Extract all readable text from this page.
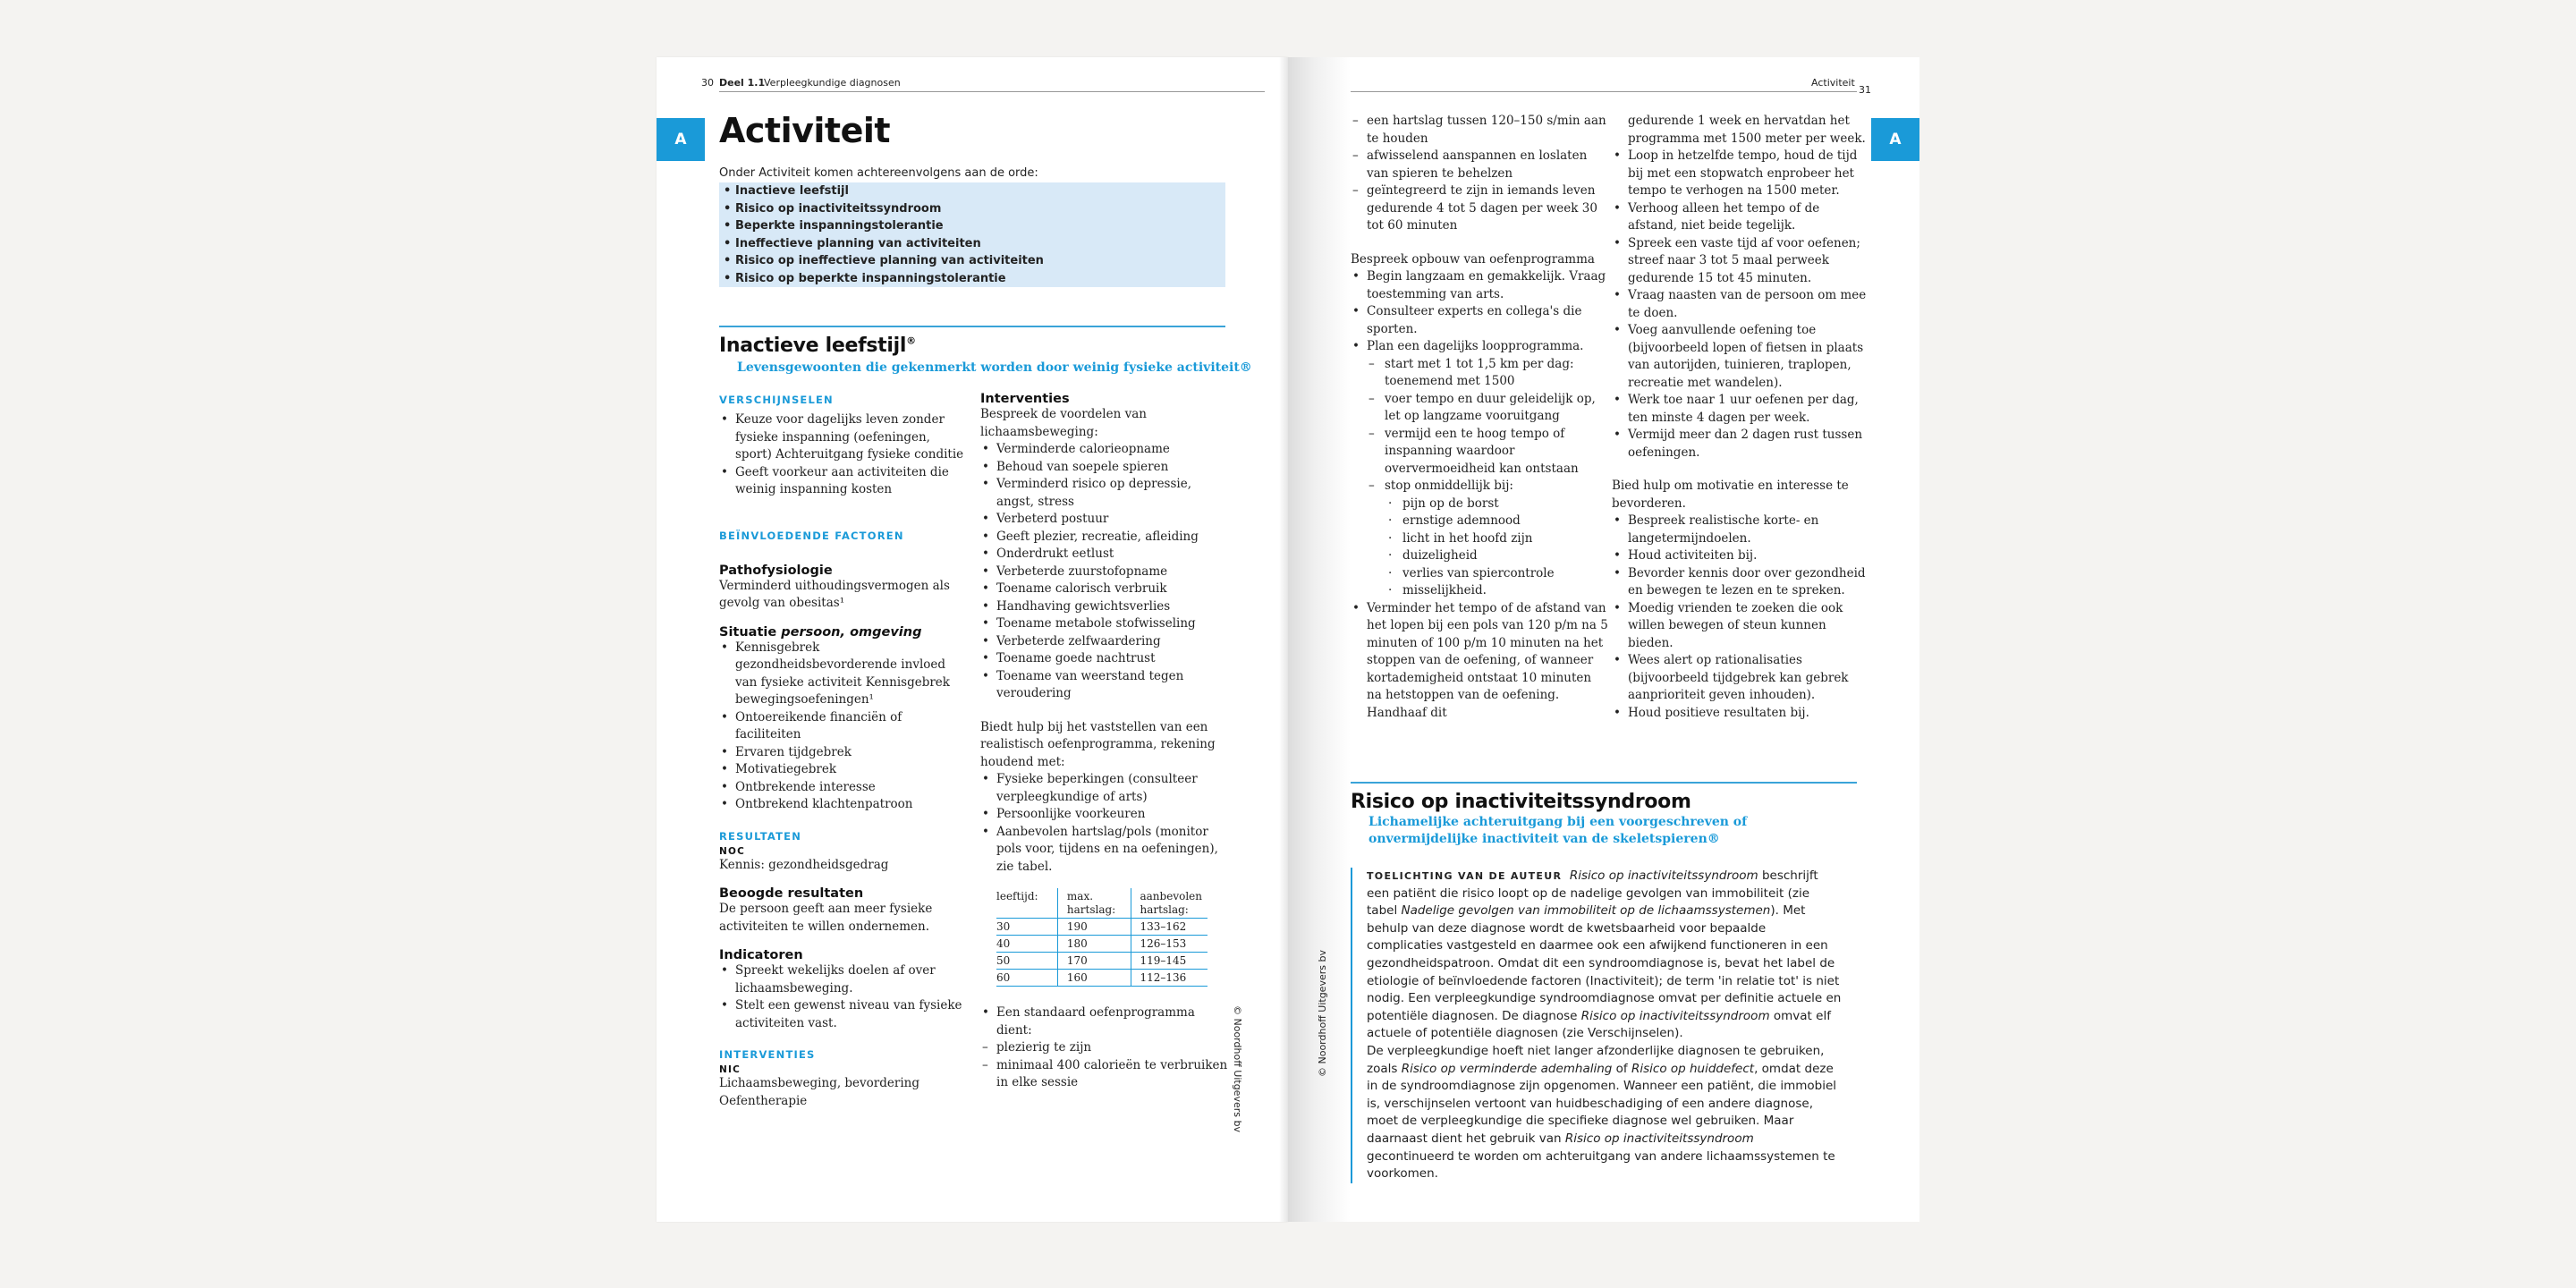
30 Deel 1.1
Verpleegkundige diagnosen
A Activiteit
Onder Activiteit komen achtereenvolgens aan de orde:
• Inactieve leefstijl
• Risico op inactiviteitssyndroom
• Beperkte inspanningstolerantie
• Ineffectieve planning van activiteiten
• Risico op ineffectieve planning van activiteiten
• Risico op beperkte inspanningstolerantie
Inactieve leefstijl®
Levensgewoonten die gekenmerkt worden door weinig fysieke activiteit®
VERSCHIJNSELEN
• Keuze voor dagelijks leven zonder fysieke inspanning (oefeningen, sport) Achteruitgang fysieke conditie
• Geeft voorkeur aan activiteiten die weinig inspanning kosten
BEÏNVLOEDENDE FACTOREN
Pathofysiologie
Verminderd uithoudingsvermogen als gevolg van obesitas¹
Situatie persoon, omgeving
• Kennisgebrek gezondheidsbevorderende invloed van fysieke activiteit Kennisgebrek bewegingsoefeningen¹
• Ontoereikende financiën of faciliteiten
• Ervaren tijdgebrek
• Motivatiegebrek
• Ontbrekende interesse
• Ontbrekend klachtenpatroon
RESULTATEN
NOC
Kennis: gezondheidsgedrag
Beoogde resultaten
De persoon geeft aan meer fysieke activiteiten te willen ondernemen.
Indicatoren
• Spreekt wekelijks doelen af over lichaamsbeweging.
• Stelt een gewenst niveau van fysieke activiteiten vast.
INTERVENTIES
NIC
Lichaamsbeweging, bevordering
Oefentherapie
Interventies
Bespreek de voordelen van lichaamsbeweging:
• Verminderde calorieopname
• Behoud van soepele spieren
• Verminderd risico op depressie, angst, stress
• Verbeterd postuur
• Geeft plezier, recreatie, afleiding
• Onderdrukt eetlust
• Verbeterde zuurstofopname
• Toename calorisch verbruik
• Handhaving gewichtsverlies
• Toename metabole stofwisseling
• Verbeterde zelfwaardering
• Toename goede nachtrust
• Toename van weerstand tegen veroudering
Biedt hulp bij het vaststellen van een realistisch oefenprogramma, rekening houdend met:
• Fysieke beperkingen (consulteer verpleegkundige of arts)
• Persoonlijke voorkeuren
• Aanbevolen hartslag/pols (monitor pols voor, tijdens en na oefeningen), zie tabel.
leeftijd:	max. hartslag:	aanbevolen hartslag:
30	190	133–162
40	180	126–153
50	170	119–145
60	160	112–136
• Een standaard oefenprogramma dient:
– plezierig te zijn
– minimaal 400 calorieën te verbruiken in elke sessie	© Noordhoff Uitgevers bv
Activiteit
31
A
© Noordhoff Uitgevers bv
– een hartslag tussen 120–150 s/min aan te houden
– afwisselend aanspannen en loslaten van spieren te behelzen
– geïntegreerd te zijn in iemands leven gedurende 4 tot 5 dagen per week 30 tot 60 minuten
Bespreek opbouw van oefenprogramma
• Begin langzaam en gemakkelijk. Vraag toestemming van arts.
• Consulteer experts en collega's die sporten.
• Plan een dagelijks loopprogramma.
– start met 1 tot 1,5 km per dag: toenemend met 1500
– voer tempo en duur geleidelijk op, let op langzame vooruitgang
– vermijd een te hoog tempo of inspanning waardoor oververmoeidheid kan ontstaan
– stop onmiddellijk bij:
· pijn op de borst
· ernstige ademnood
· licht in het hoofd zijn
· duizeligheid
· verlies van spiercontrole
· misselijkheid.
• Verminder het tempo of de afstand van het lopen bij een pols van 120 p/m na 5 minuten of 100 p/m 10 minuten na het stoppen van de oefening, of wanneer kortademigheid ontstaat 10 minuten na hetstoppen van de oefening. Handhaaf dit
gedurende 1 week en hervatdan het programma met 1500 meter per week.
• Loop in hetzelfde tempo, houd de tijd bij met een stopwatch enprobeer het tempo te verhogen na 1500 meter.
• Verhoog alleen het tempo of de afstand, niet beide tegelijk.
• Spreek een vaste tijd af voor oefenen; streef naar 3 tot 5 maal perweek gedurende 15 tot 45 minuten.
• Vraag naasten van de persoon om mee te doen.
• Voeg aanvullende oefening toe (bijvoorbeeld lopen of fietsen in plaats van autorijden, tuinieren, traplopen, recreatie met wandelen).
• Werk toe naar 1 uur oefenen per dag, ten minste 4 dagen per week.
• Vermijd meer dan 2 dagen rust tussen oefeningen.
Bied hulp om motivatie en interesse te bevorderen.
• Bespreek realistische korte- en langetermijndoelen.
• Houd activiteiten bij.
• Bevorder kennis door over gezondheid en bewegen te lezen en te spreken.
• Moedig vrienden te zoeken die ook willen bewegen of steun kunnen bieden.
• Wees alert op rationalisaties (bijvoorbeeld tijdgebrek kan gebrek aanprioriteit geven inhouden).
• Houd positieve resultaten bij.
Risico op inactiviteitssyndroom
Lichamelijke achteruitgang bij een voorgeschreven of onvermijdelijke inactiviteit van de skeletspieren®
TOELICHTING VAN DE AUTEUR Risico op inactiviteitssyndroom beschrijft een patiënt die risico loopt op de nadelige gevolgen van immobiliteit (zie tabel Nadelige gevolgen van immobiliteit op de lichaamssystemen). Met behulp van deze diagnose wordt de kwetsbaarheid voor bepaalde complicaties vastgesteld en daarmee ook een afwijkend functioneren in een gezondheidspatroon. Omdat dit een syndroomdiagnose is, bevat het label de etiologie of beïnvloedende factoren (Inactiviteit); de term 'in relatie tot' is niet nodig. Een verpleegkundige syndroomdiagnose omvat per definitie actuele en potentiële diagnosen. De diagnose Risico op inactiviteitssyndroom omvat elf actuele of potentiële diagnosen (zie Verschijnselen).
De verpleegkundige hoeft niet langer afzonderlijke diagnosen te gebruiken, zoals Risico op verminderde ademhaling of Risico op huiddefect, omdat deze in de syndroomdiagnose zijn opgenomen. Wanneer een patiënt, die immobiel is, verschijnselen vertoont van huidbeschadiging of een andere diagnose, moet de verpleegkundige die specifieke diagnose wel gebruiken. Maar daarnaast dient het gebruik van Risico op inactiviteitssyndroom gecontinueerd te worden om achteruitgang van andere lichaamssystemen te voorkomen.
